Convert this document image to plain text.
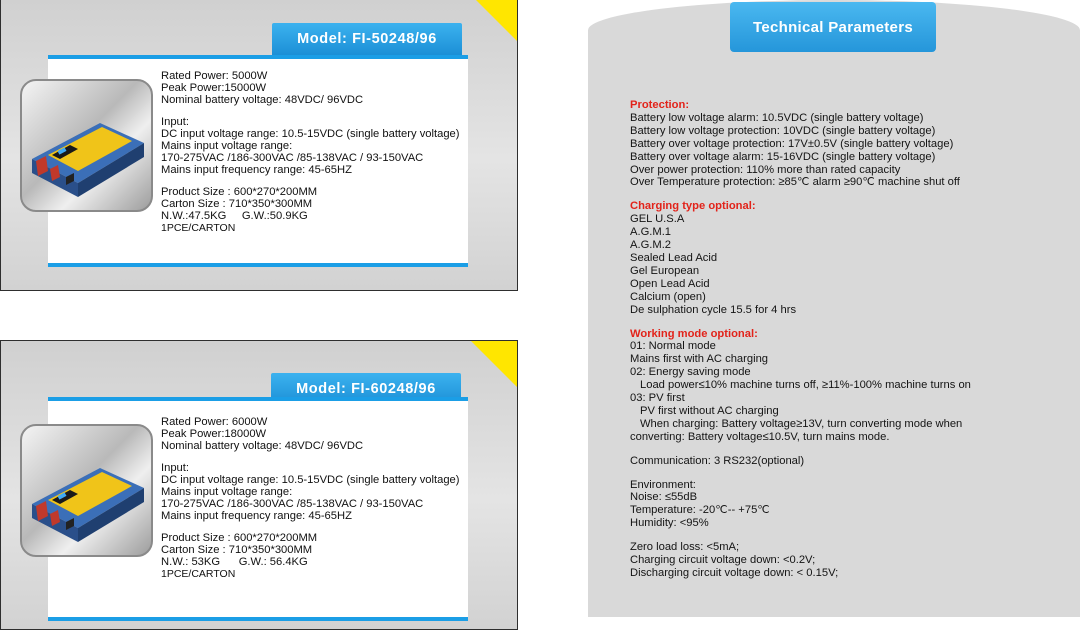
Model: FI-50248/96
Rated Power: 5000W
Peak Power:15000W
Nominal battery voltage: 48VDC/ 96VDC
Input:
DC input voltage range: 10.5-15VDC (single battery voltage)
Mains input voltage range:
170-275VAC /186-300VAC /85-138VAC / 93-150VAC
Mains input frequency range: 45-65HZ
Product Size : 600*270*200MM
Carton Size : 710*350*300MM
N.W.:47.5KG     G.W.:50.9KG
1PCE/CARTON
Model: FI-60248/96
Rated Power: 6000W
Peak Power:18000W
Nominal battery voltage: 48VDC/ 96VDC
Input:
DC input voltage range: 10.5-15VDC (single battery voltage)
Mains input voltage range:
170-275VAC /186-300VAC /85-138VAC / 93-150VAC
Mains input frequency range: 45-65HZ
Product Size : 600*270*200MM
Carton Size : 710*350*300MM
N.W.: 53KG      G.W.: 56.4KG
1PCE/CARTON
Technical Parameters
Protection:
Battery low voltage alarm: 10.5VDC (single battery voltage)
Battery low voltage protection: 10VDC (single battery voltage)
Battery over voltage protection: 17V±0.5V (single battery voltage)
Battery over voltage alarm: 15-16VDC (single battery voltage)
Over power protection: 110% more than rated capacity
Over Temperature protection: ≥85℃ alarm ≥90℃ machine shut off
Charging type optional:
GEL U.S.A
A.G.M.1
A.G.M.2
Sealed Lead Acid
Gel European
Open Lead Acid
Calcium (open)
De sulphation cycle 15.5 for 4 hrs
Working mode optional:
01: Normal mode
Mains first with AC charging
02: Energy saving mode
Load power≤10% machine turns off, ≥11%-100% machine turns on
03: PV first
PV first without AC charging
When charging: Battery voltage≥13V, turn converting mode when
converting: Battery voltage≤10.5V, turn mains mode.
Communication: 3 RS232(optional)
Environment:
Noise: ≤55dB
Temperature: -20℃-- +75℃
Humidity: <95%
Zero load loss: <5mA;
Charging circuit voltage down: <0.2V;
Discharging circuit voltage down: < 0.15V;
